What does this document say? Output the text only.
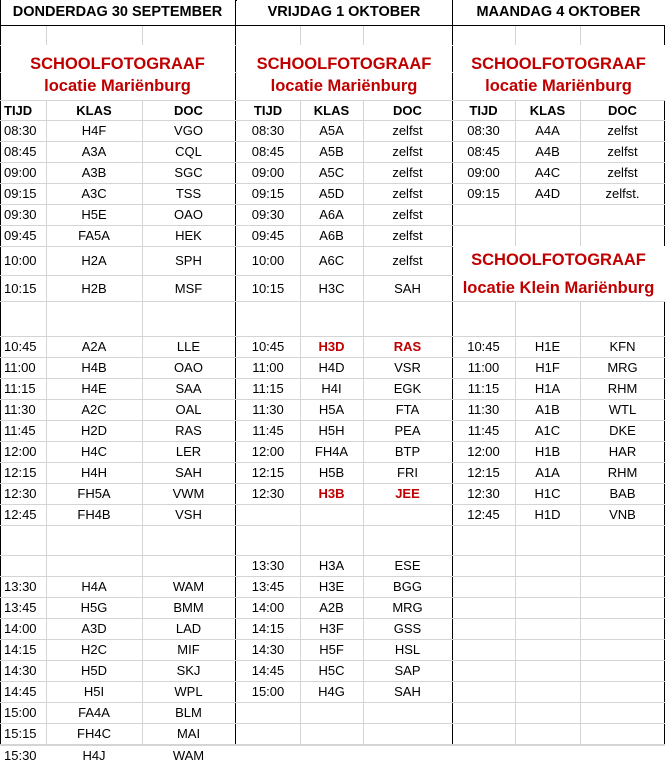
DONDERDAG 30 SEPTEMBER
SCHOOLFOTOGRAAF
locatie Mariënburg
TIJD	KLAS	DOC
08:30	H4F	VGO
08:45	A3A	CQL
09:00	A3B	SGC
09:15	A3C	TSS
09:30	H5E	OAO
09:45	FA5A	HEK
10:00	H2A	SPH
10:15	H2B	MSF
10:45	A2A	LLE
11:00	H4B	OAO
11:15	H4E	SAA
11:30	A2C	OAL
11:45	H2D	RAS
12:00	H4C	LER
12:15	H4H	SAH
12:30	FH5A	VWM
12:45	FH4B	VSH
13:30	H4A	WAM
13:45	H5G	BMM
14:00	A3D	LAD
14:15	H2C	MIF
14:30	H5D	SKJ
14:45	H5I	WPL
15:00	FA4A	BLM
15:15	FH4C	MAI
15:30	H4J	WAM
VRIJDAG 1 OKTOBER
SCHOOLFOTOGRAAF
locatie Mariënburg
TIJD	KLAS	DOC
08:30	A5A	zelfst
08:45	A5B	zelfst
09:00	A5C	zelfst
09:15	A5D	zelfst
09:30	A6A	zelfst
09:45	A6B	zelfst
10:00	A6C	zelfst
10:15	H3C	SAH
10:45	H3D	RAS
11:00	H4D	VSR
11:15	H4I	EGK
11:30	H5A	FTA
11:45	H5H	PEA
12:00	FH4A	BTP
12:15	H5B	FRI
12:30	H3B	JEE
13:30	H3A	ESE
13:45	H3E	BGG
14:00	A2B	MRG
14:15	H3F	GSS
14:30	H5F	HSL
14:45	H5C	SAP
15:00	H4G	SAH
MAANDAG 4 OKTOBER
SCHOOLFOTOGRAAF
locatie Mariënburg
TIJD	KLAS	DOC
SCHOOLFOTOGRAAF
locatie Klein Mariënburg
08:30	A4A	zelfst
08:45	A4B	zelfst
09:00	A4C	zelfst
09:15	A4D	zelfst.
10:45	H1E	KFN
11:00	H1F	MRG
11:15	H1A	RHM
11:30	A1B	WTL
11:45	A1C	DKE
12:00	H1B	HAR
12:15	A1A	RHM
12:30	H1C	BAB
12:45	H1D	VNB
